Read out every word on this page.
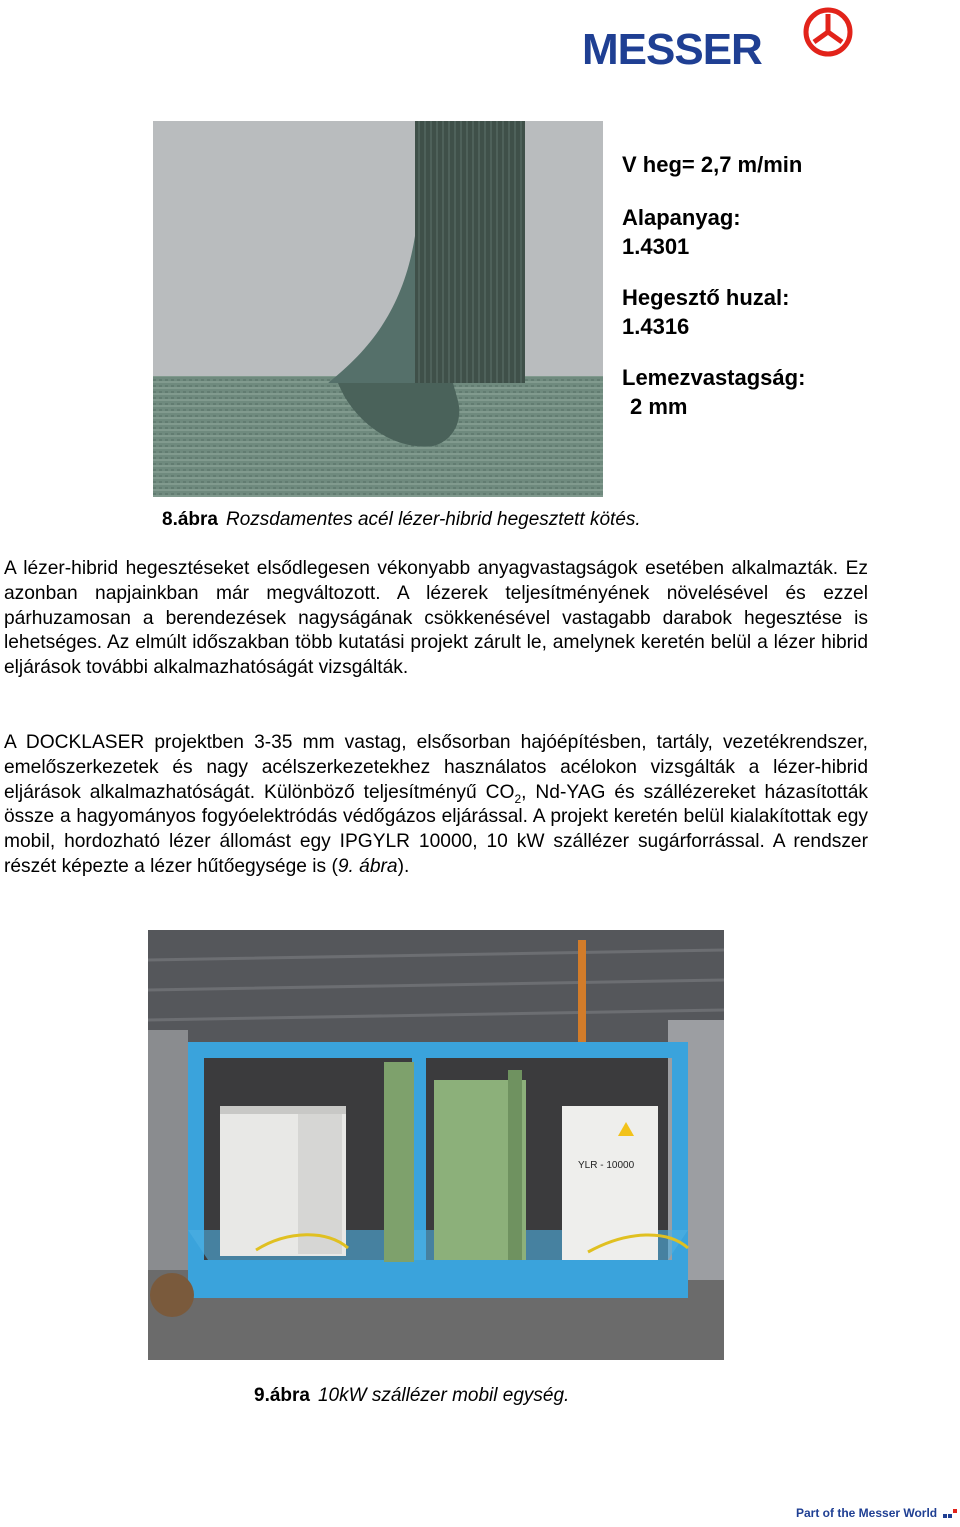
MESSER
V heg= 2,7 m/min
Alapanyag:
1.4301
Hegesztő huzal:
1.4316
Lemezvastagság:
2 mm
8.ábra Rozsdamentes acél lézer-hibrid hegesztett kötés.
A lézer-hibrid hegesztéseket elsődlegesen vékonyabb anyagvastagságok esetében alkalmazták. Ez azonban napjainkban már megváltozott. A lézerek teljesítményének növelésével és ezzel párhuzamosan a berendezések nagyságának csökkenésével vastagabb darabok hegesztése is lehetséges. Az elmúlt időszakban több kutatási projekt zárult le, amelynek keretén belül a lézer hibrid eljárások további alkalmazhatóságát vizsgálták.
A DOCKLASER projektben 3-35 mm vastag, elsősorban hajóépítésben, tartály, vezetékrendszer, emelőszerkezetek és nagy acélszerkezetekhez használatos acélokon vizsgálták a lézer-hibrid eljárások alkalmazhatóságát. Különböző teljesítményű $CO_2$, Nd-YAG és szállézereket házasították össze a hagyományos fogyóelektródás védőgázos eljárással. A projekt keretén belül kialakítottak egy mobil, hordozható lézer állomást egy IPGYLR 10000, 10 kW szállézer sugárforrással. A rendszer részét képezte a lézer hűtőegysége is (9. ábra).
YLR - 10000
9.ábra 10kW szállézer mobil egység.
Part of the Messer World
